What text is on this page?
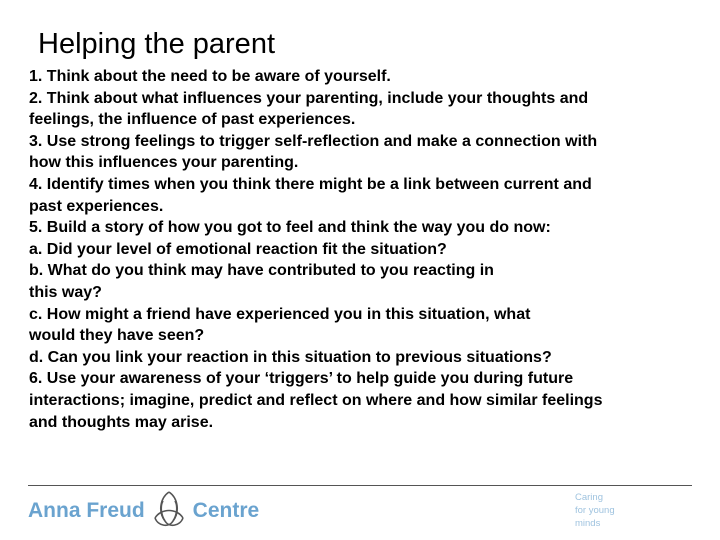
Helping the parent
1. Think about the need to be aware of yourself.
2. Think about what influences your parenting, include your thoughts and
feelings, the influence of past experiences.
3. Use strong feelings to trigger self-reflection and make a connection with
how this influences your parenting.
4. Identify times when you think there might be a link between current and
past experiences.
5. Build a story of how you got to feel and think the way you do now:
a. Did your level of emotional reaction fit the situation?
b. What do you think may have contributed to you reacting in
this way?
c. How might a friend have experienced you in this situation, what
would they have seen?
d. Can you link your reaction in this situation to previous situations?
6. Use your awareness of your ‘triggers’ to help guide you during future
interactions; imagine, predict and reflect on where and how similar feelings
and thoughts may arise.
Anna Freud Centre
Caring
for young
minds
